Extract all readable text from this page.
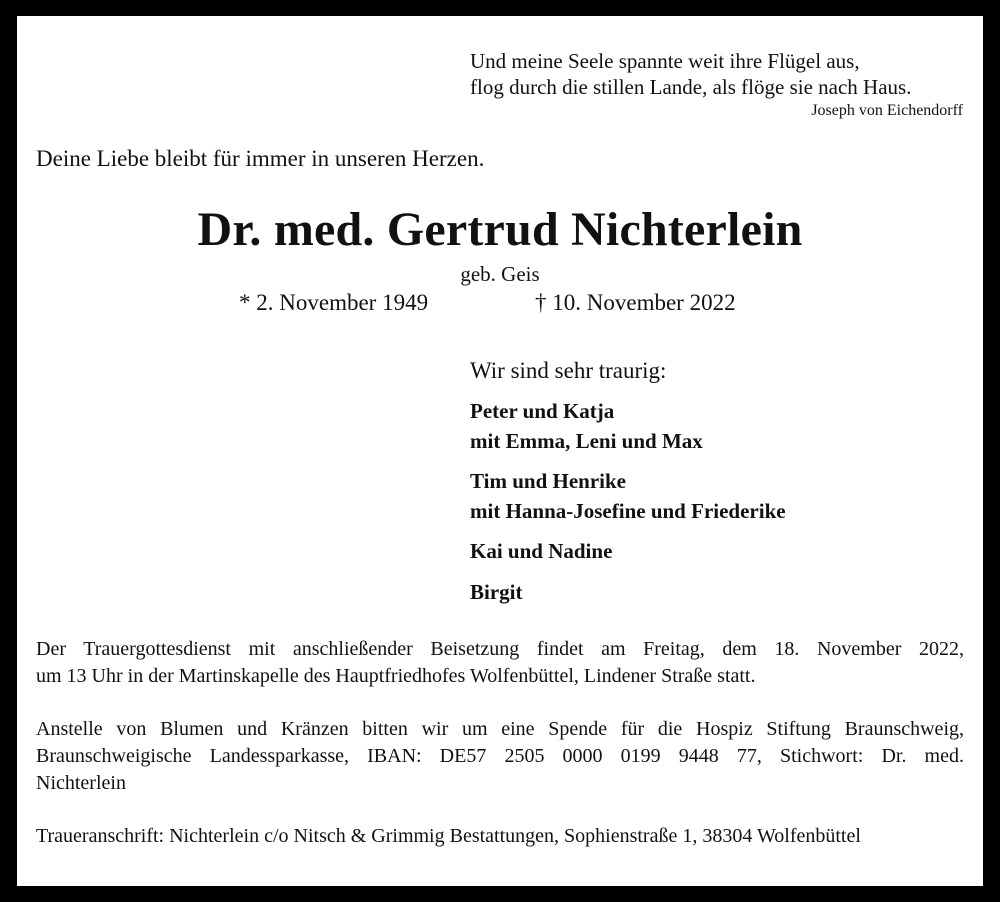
Und meine Seele spannte weit ihre Flügel aus,
flog durch die stillen Lande, als flöge sie nach Haus.
Joseph von Eichendorff
Deine Liebe bleibt für immer in unseren Herzen.
Dr. med. Gertrud Nichterlein
geb. Geis
* 2. November 1949	† 10. November 2022
Wir sind sehr traurig:
Peter und Katja
mit Emma, Leni und Max
Tim und Henrike
mit Hanna-Josefine und Friederike
Kai und Nadine
Birgit
Der Trauergottesdienst mit anschließender Beisetzung findet am Freitag, dem 18. November 2022,
um 13 Uhr in der Martinskapelle des Hauptfriedhofes Wolfenbüttel, Lindener Straße statt.
Anstelle von Blumen und Kränzen bitten wir um eine Spende für die Hospiz Stiftung Braunschweig,
Braunschweigische Landessparkasse, IBAN: DE57 2505 0000 0199 9448 77, Stichwort: Dr. med.
Nichterlein
Traueranschrift: Nichterlein c/o Nitsch & Grimmig Bestattungen, Sophienstraße 1, 38304 Wolfenbüttel
